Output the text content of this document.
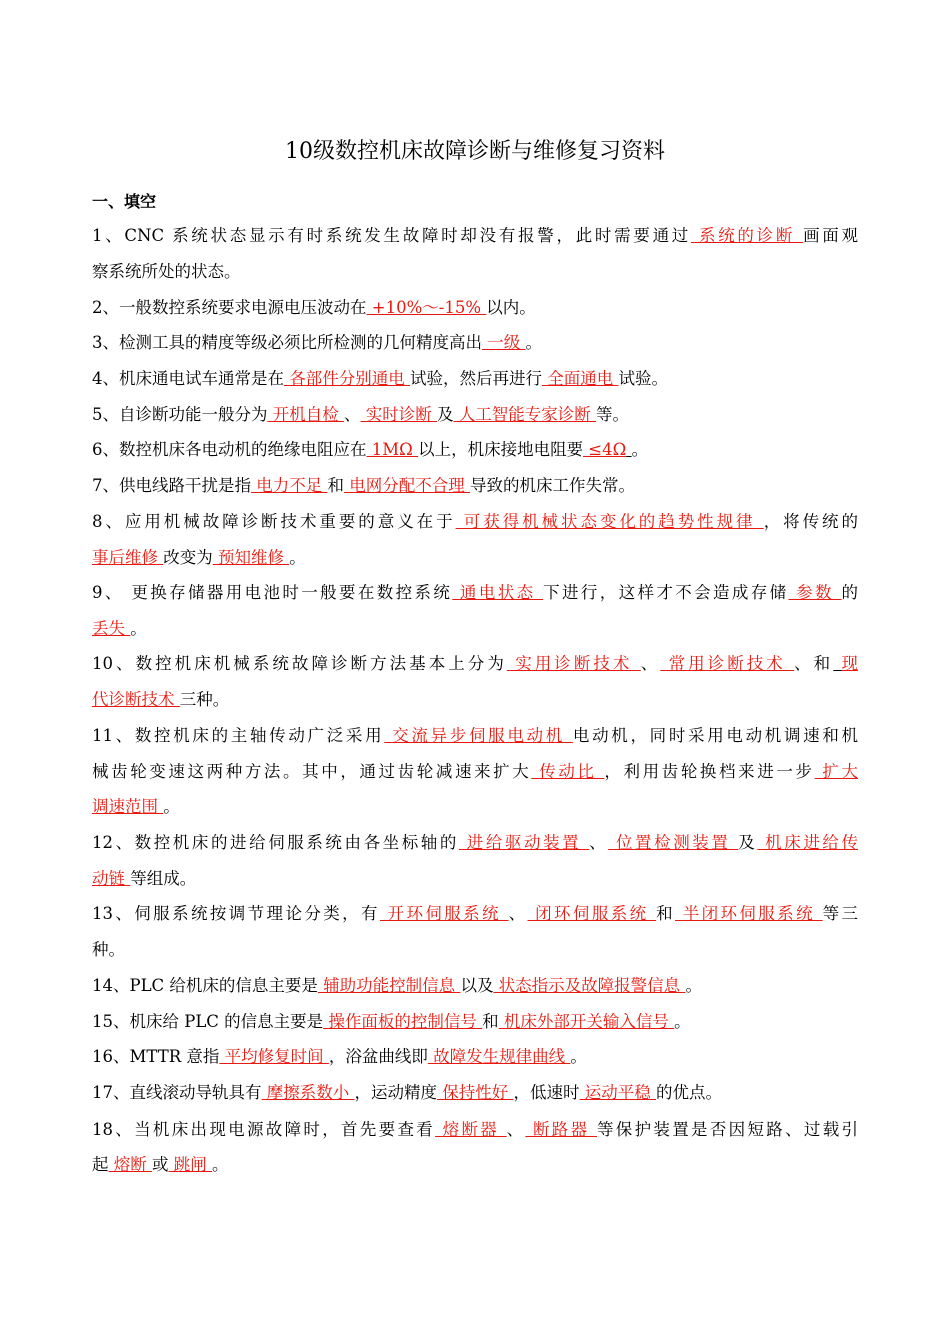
10级数控机床故障诊断与维修复习资料
一、填空
1、CNC 系统状态显示有时系统发生故障时却没有报警，此时需要通过 系统的诊断 画面观
察系统所处的状态。
2、一般数控系统要求电源电压波动在 +10%～-15% 以内。
3、检测工具的精度等级必须比所检测的几何精度高出 一级 。
4、机床通电试车通常是在 各部件分别通电 试验，然后再进行 全面通电 试验。
5、自诊断功能一般分为 开机自检 、 实时诊断 及 人工智能专家诊断 等。
6、数控机床各电动机的绝缘电阻应在 1MΩ 以上，机床接地电阻要 ≤4Ω 。
7、供电线路干扰是指 电力不足 和 电网分配不合理 导致的机床工作失常。
8、应用机械故障诊断技术重要的意义在于 可获得机械状态变化的趋势性规律 ，将传统的
事后维修 改变为 预知维修 。
9、 更换存储器用电池时一般要在数控系统 通电状态 下进行，这样才不会造成存储 参数 的
丢失 。
10、数控机床机械系统故障诊断方法基本上分为 实用诊断技术 、 常用诊断技术 、和 现
代诊断技术 三种。
11、数控机床的主轴传动广泛采用 交流异步伺服电动机 电动机，同时采用电动机调速和机
械齿轮变速这两种方法。其中，通过齿轮减速来扩大 传动比 ，利用齿轮换档来进一步 扩大
调速范围 。
12、数控机床的进给伺服系统由各坐标轴的 进给驱动装置 、 位置检测装置 及 机床进给传
动链 等组成。
13、伺服系统按调节理论分类，有 开环伺服系统 、 闭环伺服系统 和 半闭环伺服系统 等三
种。
14、PLC 给机床的信息主要是 辅助功能控制信息 以及 状态指示及故障报警信息 。
15、机床给 PLC 的信息主要是 操作面板的控制信号 和 机床外部开关输入信号 。
16、MTTR 意指 平均修复时间 ，浴盆曲线即 故障发生规律曲线 。
17、直线滚动导轨具有 摩擦系数小 ，运动精度 保持性好 ，低速时 运动平稳 的优点。
18、当机床出现电源故障时，首先要查看 熔断器 、 断路器 等保护装置是否因短路、过载引
起 熔断 或 跳闸 。
